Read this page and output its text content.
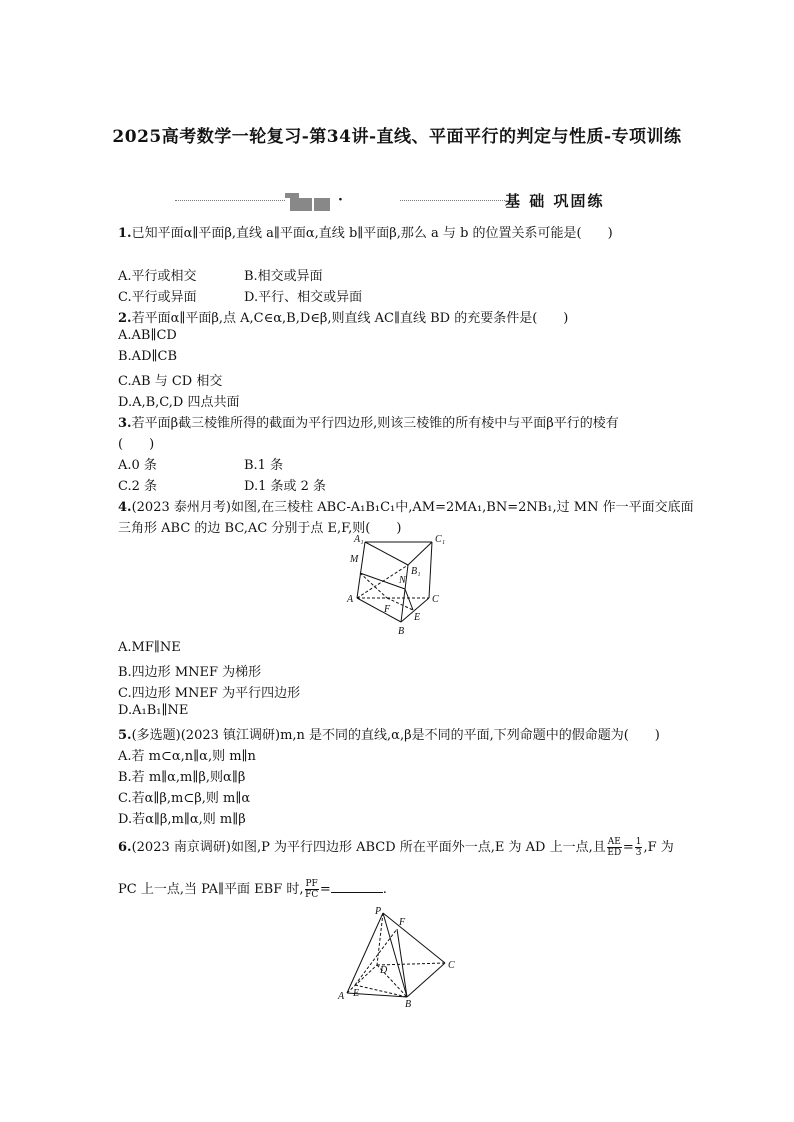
2025高考数学一轮复习-第34讲-直线、平面平行的判定与性质-专项训练
·	基 础 巩固练
1.已知平面α∥平面β,直线 a∥平面α,直线 b∥平面β,那么 a 与 b 的位置关系可能是(　　)
A.平行或相交	B.相交或异面
C.平行或异面	D.平行、相交或异面
2.若平面α∥平面β,点 A,C∈α,B,D∈β,则直线 AC∥直线 BD 的充要条件是(　　)
A.AB∥CD
B.AD∥CB
C.AB 与 CD 相交
D.A,B,C,D 四点共面
3.若平面β截三棱锥所得的截面为平行四边形,则该三棱锥的所有棱中与平面β平行的棱有
(　　)
A.0 条	B.1 条
C.2 条	D.1 条或 2 条
4.(2023 泰州月考)如图,在三棱柱 ABC-A₁B₁C₁中,AM=2MA₁,BN=2NB₁,过 MN 作一平面交底面
三角形 ABC 的边 BC,AC 分别于点 E,F,则(　　)
A₁	C₁
M
N
B₁
A	C
F
E
B
A.MF∥NE
B.四边形 MNEF 为梯形
C.四边形 MNEF 为平行四边形
D.A₁B₁∥NE
5.(多选题)(2023 镇江调研)m,n 是不同的直线,α,β是不同的平面,下列命题中的假命题为(　　)
A.若 m⊂α,n∥α,则 m∥n
B.若 m∥α,m∥β,则α∥β
C.若α∥β,m⊂β,则 m∥α
D.若α∥β,m∥α,则 m∥β
6.(2023 南京调研)如图,P 为平行四边形 ABCD 所在平面外一点,E 为 AD 上一点,且 $\frac{AE}{ED} = \frac{1}{3} ,F$ 为
PC 上一点,当 PA∥平面 EBF 时, $\frac{PF}{FC}$ =	.
P
F
D	C
A E
B
